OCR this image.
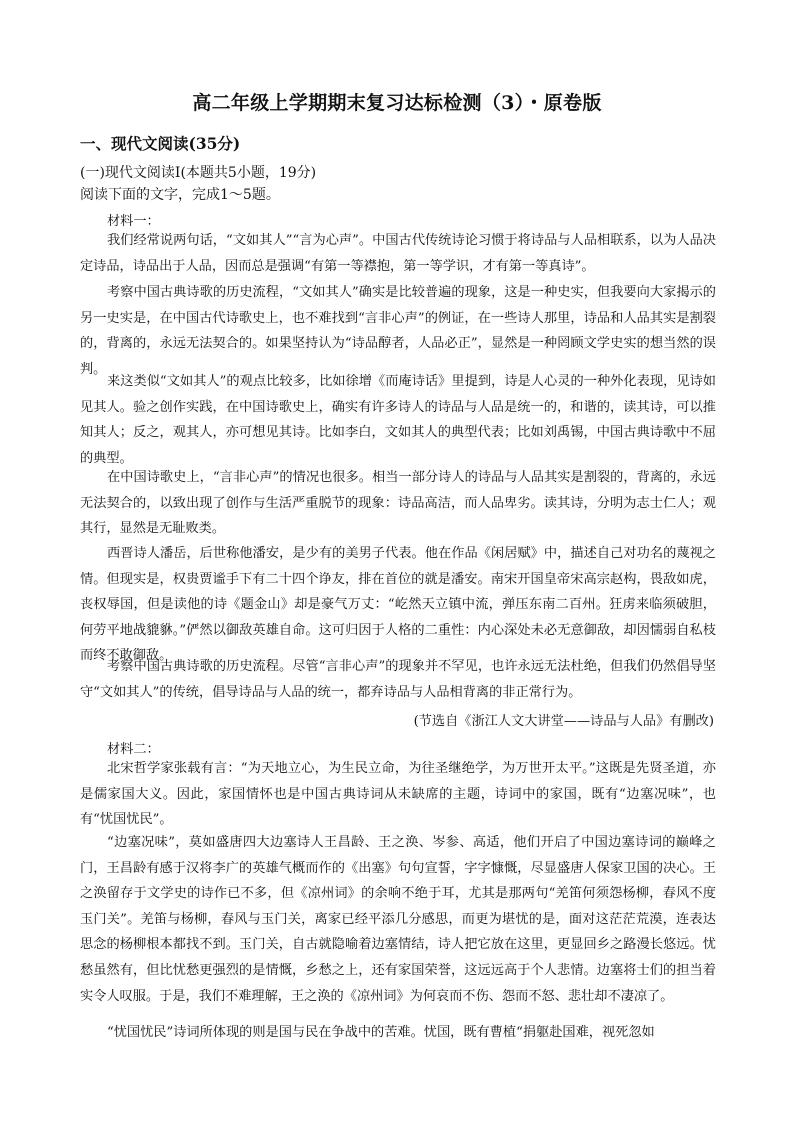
高二年级上学期期末复习达标检测（3）・原卷版
一、现代文阅读(35分)
(一)现代文阅读Ⅰ(本题共5小题，19分)
阅读下面的文字，完成1～5题。
材料一：

我们经常说两句话，“文如其人”“言为心声”。中国古代传统诗论习惯于将诗品与人品相联系，以为人品决定诗品，诗品出于人品，因而总是强调“有第一等襟抱，第一等学识，才有第一等真诗”。

考察中国古典诗歌的历史流程，“文如其人”确实是比较普遍的现象，这是一种史实，但我要向大家揭示的另一史实是，在中国古代诗歌史上，也不难找到“言非心声”的例证，在一些诗人那里，诗品和人品其实是割裂的，背离的，永远无法契合的。如果坚持认为“诗品醇者，人品必正”，显然是一种罔顾文学史实的想当然的误判。

来这类似“文如其人”的观点比较多，比如徐增《而庵诗话》里提到，诗是人心灵的一种外化表现，见诗如见其人。验之创作实践，在中国诗歌史上，确实有许多诗人的诗品与人品是统一的，和谐的，读其诗，可以推知其人；反之，观其人，亦可想见其诗。比如李白，文如其人的典型代表；比如刘禹锡，中国古典诗歌中不屈的典型。

在中国诗歌史上，“言非心声”的情况也很多。相当一部分诗人的诗品与人品其实是割裂的，背离的，永远无法契合的，以致出现了创作与生活严重脱节的现象：诗品高洁，而人品卑劣。读其诗，分明为志士仁人；观其行，显然是无耻败类。

西晋诗人潘岳，后世称他潘安，是少有的美男子代表。他在作品《闲居赋》中，描述自己对功名的蔑视之情。但现实是，权贵贾谧手下有二十四个诤友，排在首位的就是潘安。南宋开国皇帝宋高宗赵构，畏敌如虎，丧权辱国，但是读他的诗《题金山》却是豪气万丈：“屹然天立镇中流，弹压东南二百州。狂虏来临须破胆，何劳平地战貔貅。”俨然以御敌英雄自命。这可归因于人格的二重性：内心深处未必无意御敌，却因懦弱自私枝而终不敢御敌。

考察中国古典诗歌的历史流程。尽管“言非心声”的现象并不罕见，也许永远无法杜绝，但我们仍然倡导坚守“文如其人”的传统，倡导诗品与人品的统一，都弃诗品与人品相背离的非正常行为。

(节选自《浙江人文大讲堂——诗品与人品》有删改)
材料二：

北宋哲学家张载有言：“为天地立心，为生民立命，为往圣继绝学，为万世开太平。”这既是先贤圣道，亦是儒家国大义。因此，家国情怀也是中国古典诗词从未缺席的主题，诗词中的家国，既有“边塞况味”，也有“忧国忧民”。

“边塞况味”，莫如盛唐四大边塞诗人王昌龄、王之涣、岑参、高适，他们开启了中国边塞诗词的巅峰之门，王昌龄有感于汉将李广的英雄气概而作的《出塞》句句宣誓，字字慷慨，尽显盛唐人保家卫国的决心。王之涣留存于文学史的诗作已不多，但《凉州词》的余响不绝于耳，尤其是那两句“羌笛何须怨杨柳，春风不度玉门关”。羌笛与杨柳，春风与玉门关，离家已经平添几分感思，而更为堪忧的是，面对这茫茫荒漠，连表达思念的杨柳根本都找不到。玉门关，自古就隐喻着边塞情结，诗人把它放在这里，更显回乡之路漫长悠远。忧愁虽然有，但比忧愁更强烈的是情慨，乡愁之上，还有家国荣誉，这远远高于个人悲情。边塞将士们的担当着实令人叹服。于是，我们不难理解，王之涣的《凉州词》为何哀而不伤、怨而不怒、悲壮却不凄凉了。

“忧国忧民”诗词所体现的则是国与民在争战中的苦难。忧国，既有曹植“捐躯赴国难，视死忽如
